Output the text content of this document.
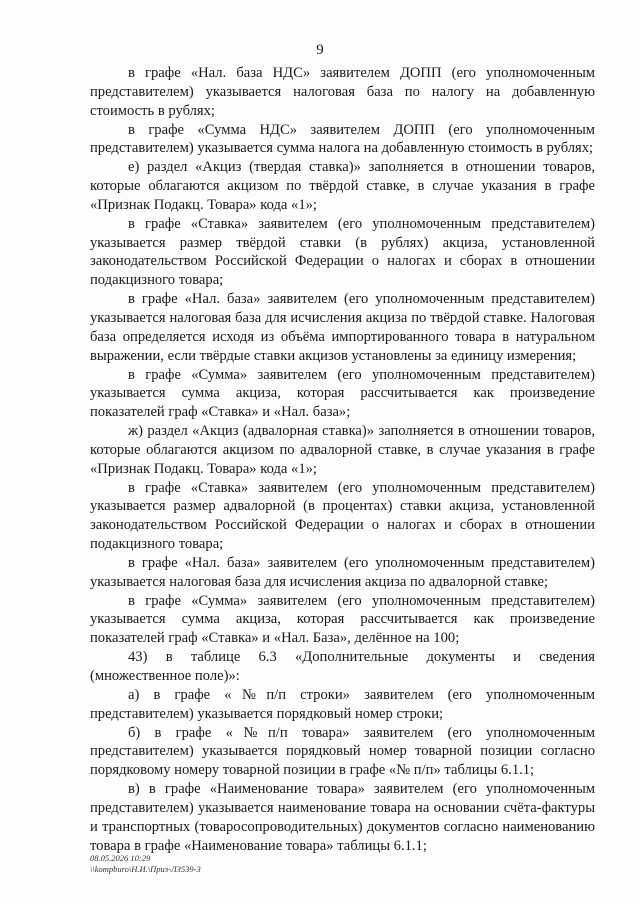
9

в графе «Нал. база НДС» заявителем ДОПП (его уполномоченным представителем) указывается налоговая база по налогу на добавленную стоимость в рублях;

в графе «Сумма НДС» заявителем ДОПП (его уполномоченным представителем) указывается сумма налога на добавленную стоимость в рублях;

е) раздел «Акциз (твердая ставка)» заполняется в отношении товаров, которые облагаются акцизом по твёрдой ставке, в случае указания в графе «Признак Подакц. Товара» кода «1»;

в графе «Ставка» заявителем (его уполномоченным представителем) указывается размер твёрдой ставки (в рублях) акциза, установленной законодательством Российской Федерации о налогах и сборах в отношении подакцизного товара;

в графе «Нал. база» заявителем (его уполномоченным представителем) указывается налоговая база для исчисления акциза по твёрдой ставке. Налоговая база определяется исходя из объёма импортированного товара в натуральном выражении, если твёрдые ставки акцизов установлены за единицу измерения;

в графе «Сумма» заявителем (его уполномоченным представителем) указывается сумма акциза, которая рассчитывается как произведение показателей граф «Ставка» и «Нал. база»;

ж) раздел «Акциз (адвалорная ставка)» заполняется в отношении товаров, которые облагаются акцизом по адвалорной ставке, в случае указания в графе «Признак Подакц. Товара» кода «1»;

в графе «Ставка» заявителем (его уполномоченным представителем) указывается размер адвалорной (в процентах) ставки акциза, установленной законодательством Российской Федерации о налогах и сборах в отношении подакцизного товара;

в графе «Нал. база» заявителем (его уполномоченным представителем) указывается налоговая база для исчисления акциза по адвалорной ставке;

в графе «Сумма» заявителем (его уполномоченным представителем) указывается сумма акциза, которая рассчитывается как произведение показателей граф «Ставка» и «Нал. База», делённое на 100;

43) в таблице 6.3 «Дополнительные документы и сведения (множественное поле)»:

а) в графе «№п/п строки» заявителем (его уполномоченным представителем) указывается порядковый номер строки;

б) в графе «№п/п товара» заявителем (его уполномоченным представителем) указывается порядковый номер товарной позиции согласно порядковому номеру товарной позиции в графе «№ п/п» таблицы 6.1.1;

в) в графе «Наименование товара» заявителем (его уполномоченным представителем) указывается наименование товара на основании счёта-фактуры и транспортных (товаросопроводительных) документов согласно наименованию товара в графе «Наименование товара» таблицы 6.1.1;

08.05.2026 10:29
\\kompburo\Н.И.\Приз-ЛЗ539-3
